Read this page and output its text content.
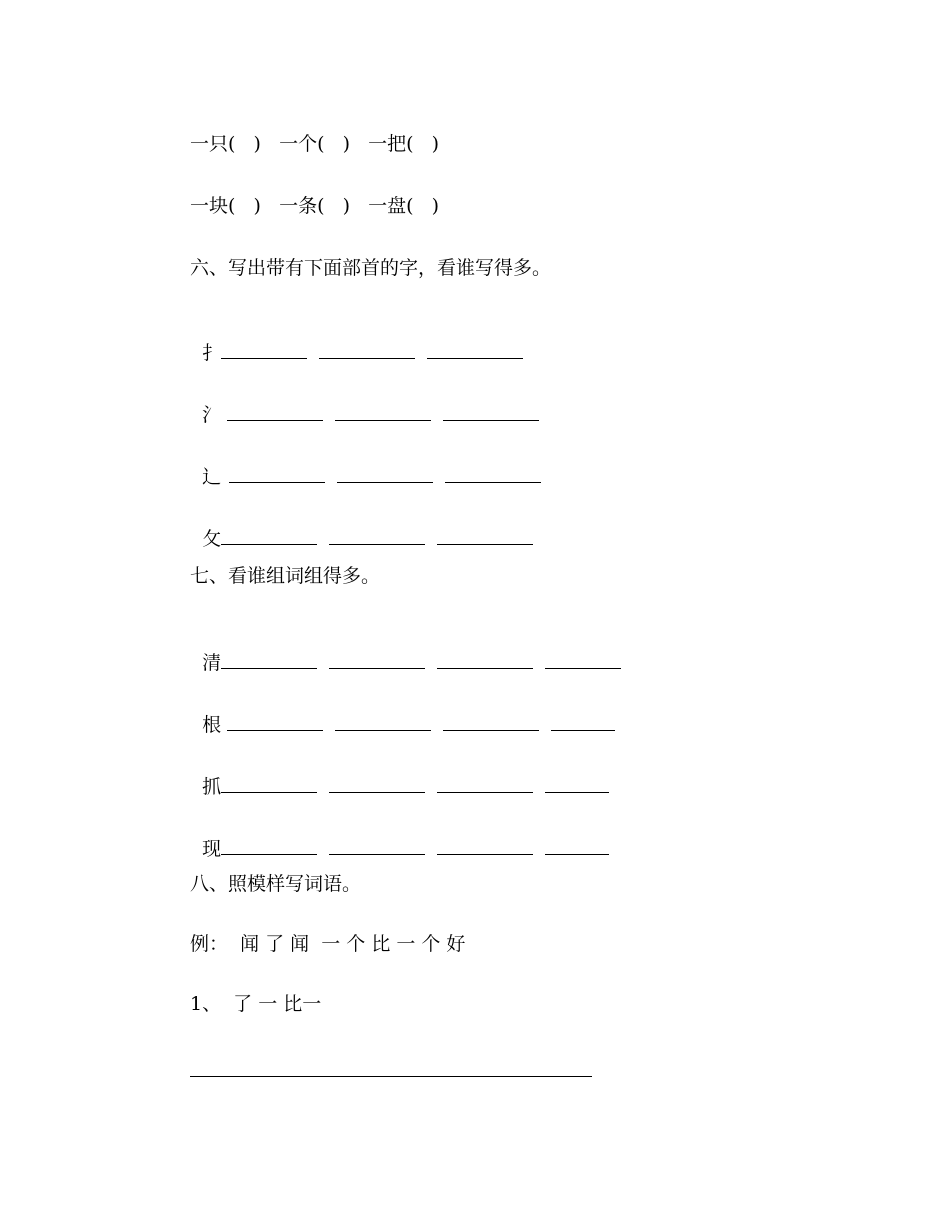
一只(   )   一个(   )   一把(   )
一块(   )   一条(   )   一盘(   )
六、写出带有下面部首的字，看谁写得多。

扌

氵

辶

攵

七、看谁组词组得多。

清

根

抓

现

八、照模样写词语。
例：  闻 了 闻  一 个 比 一 个 好
1、  了 一 比一
